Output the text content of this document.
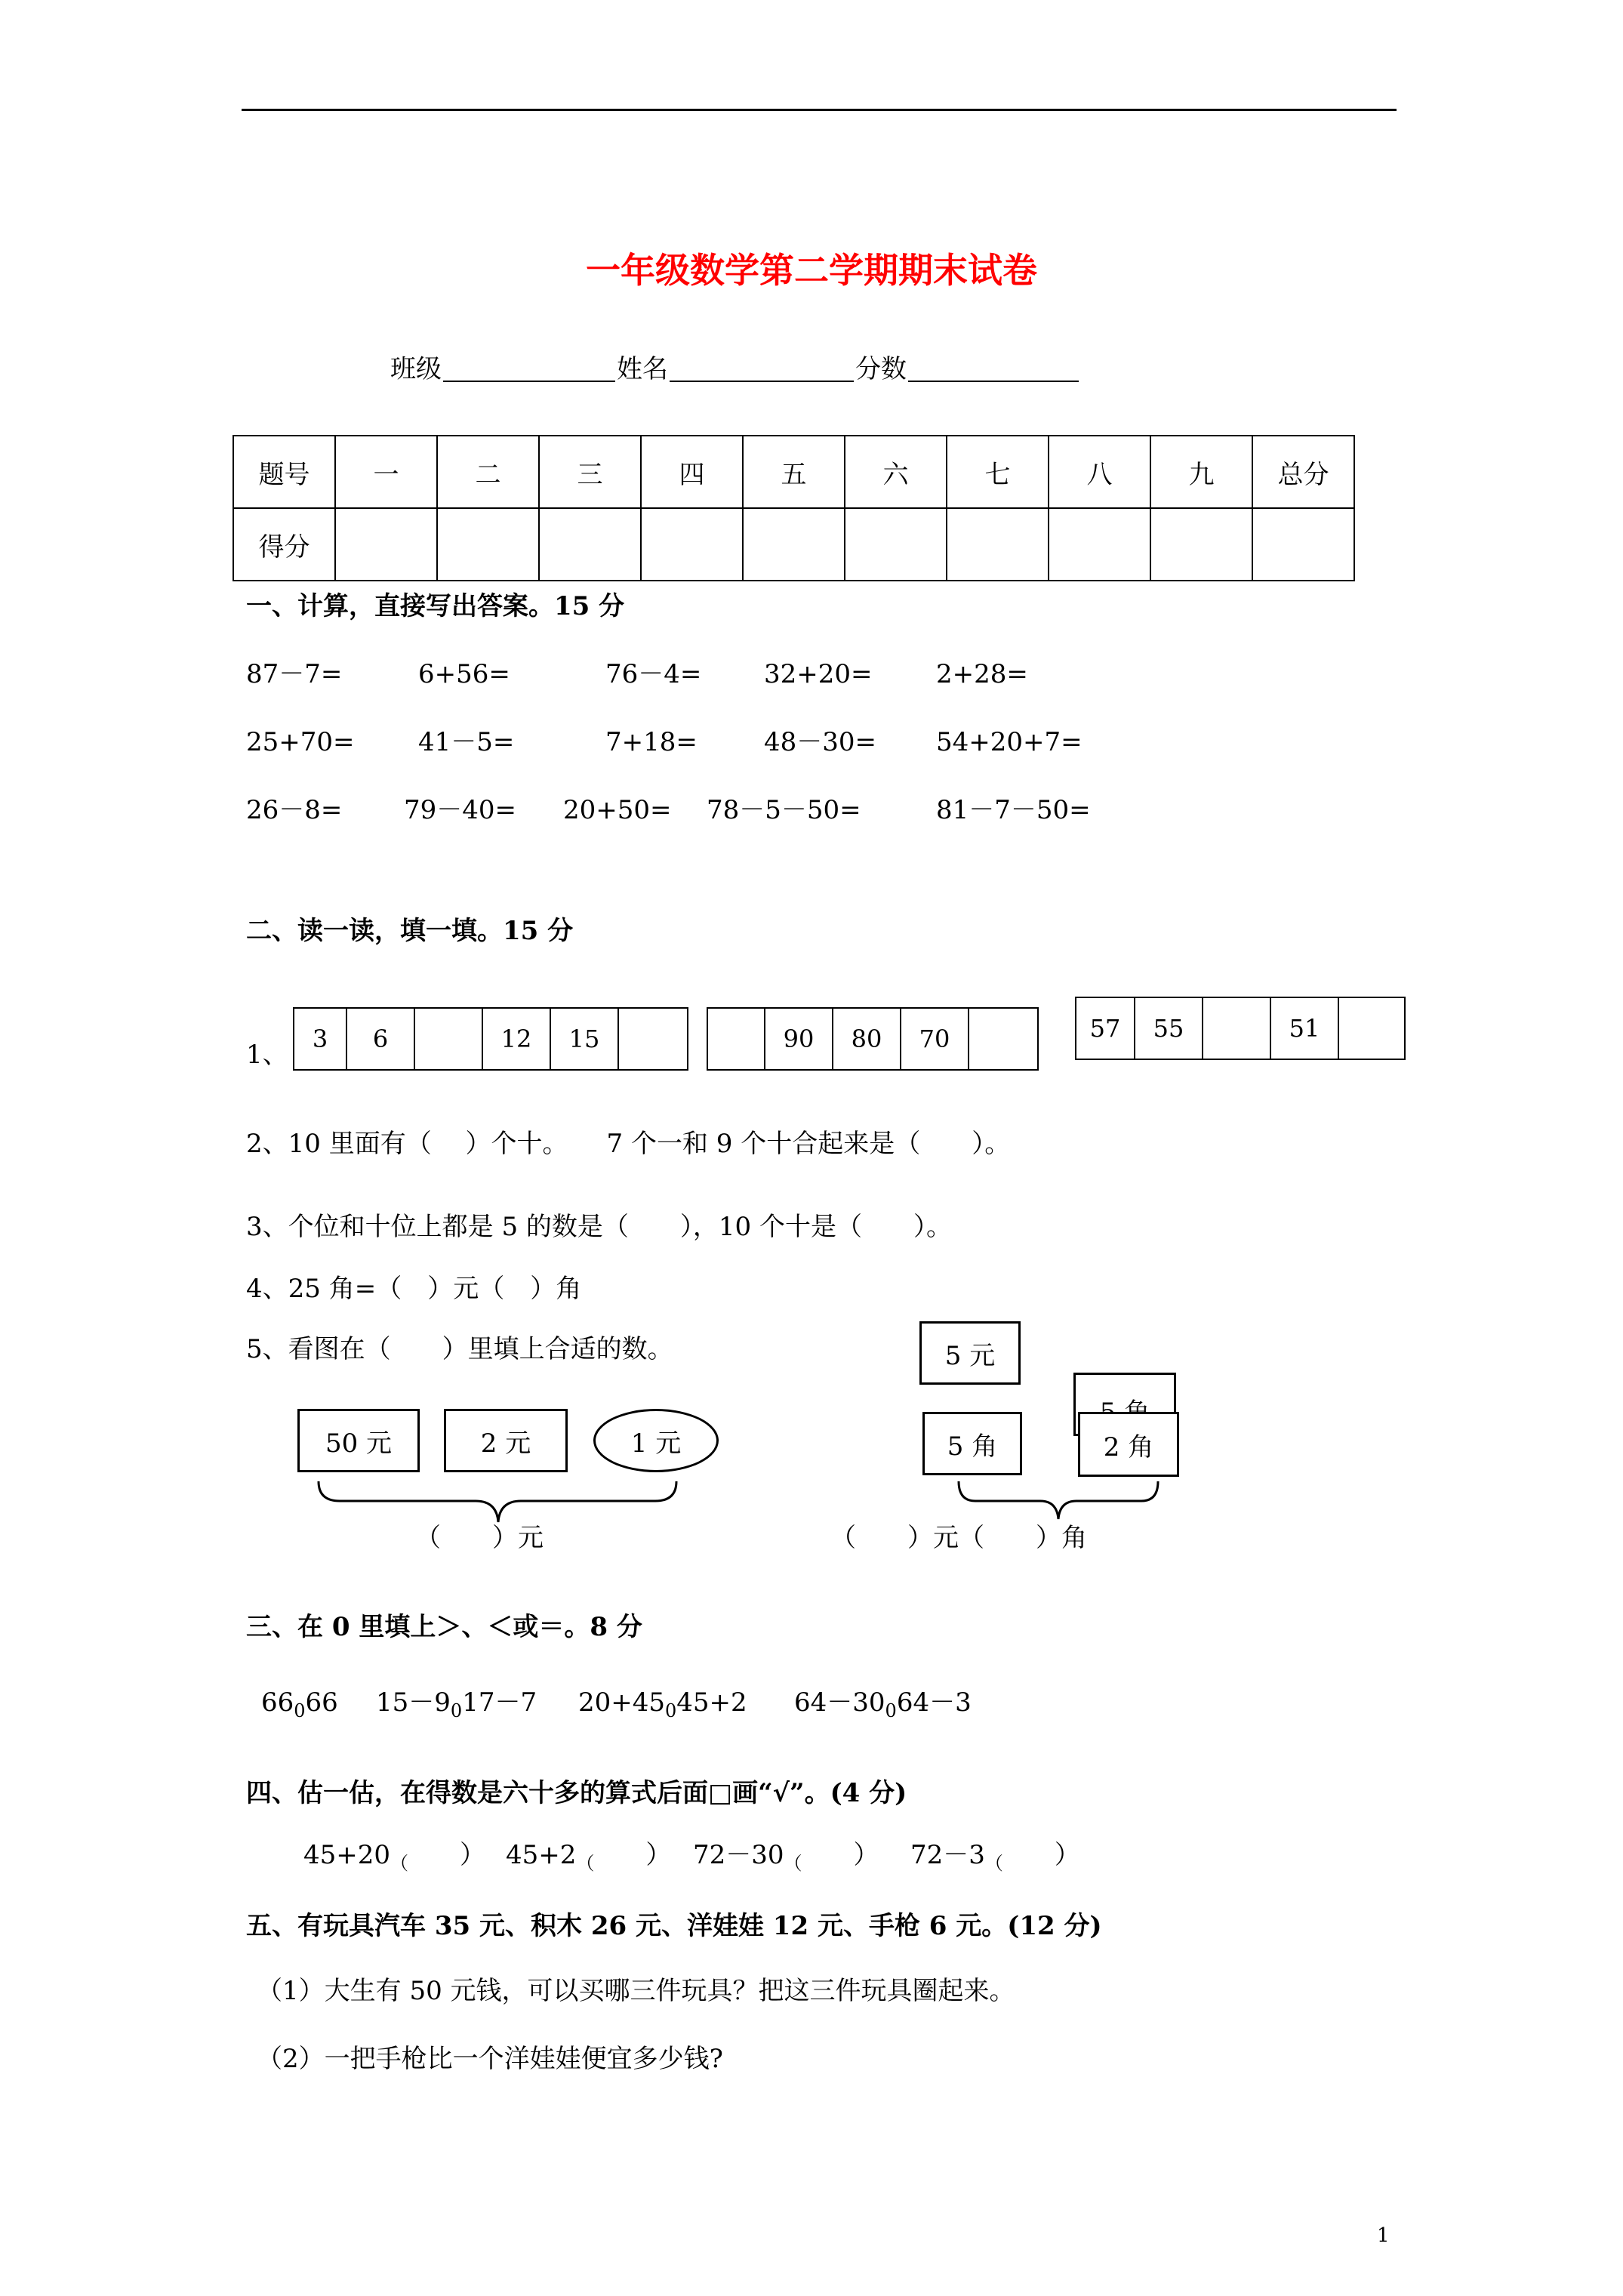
一年级数学第二学期期末试卷
班级	姓名	分数
题号	一	二	三	四	五	六	七	八	九	总分
得分										
一、计算，直接写出答案。15 分
87－7=	6+56=	76－4= 32+20= 2+28=
25+70= 41－5=	7+18=	48－30= 54+20+7=
26－8= 79－40= 20+50= 78－5－50=	81－7－50=
二、读一读，填一填。15 分
1、
3	6	12	15	90	80	70	57	55	51
2、10 里面有（　 ）个十。　　7 个一和 9 个十合起来是（　　）。
3、个位和十位上都是 5 的数是（　　），10 个十是（　　）。
4、25 角=（　）元（　）角
5、看图在（　　）里填上合适的数。
50 元	2 元	1 元
（　　）元
5 元
5 角	2 角
（　　）元（　　）角
三、在 0 里填上＞、＜或＝。8 分
$66_066$ $15-9_017-7$ $20+45_045+2$ $64-30_064-3$
四、估一估，在得数是六十多的算式后面□画“√”。(4 分)
$45+20_($　　 ） $45+2_($　　 ） $72-30_($　　 ） $72-3_($　　 ）
五、有玩具汽车 35 元、积木 26 元、洋娃娃 12 元、手枪 6 元。(12 分)
（1）大生有 50 元钱，可以买哪三件玩具？把这三件玩具圈起来。
（2）一把手枪比一个洋娃娃便宜多少钱?
1
